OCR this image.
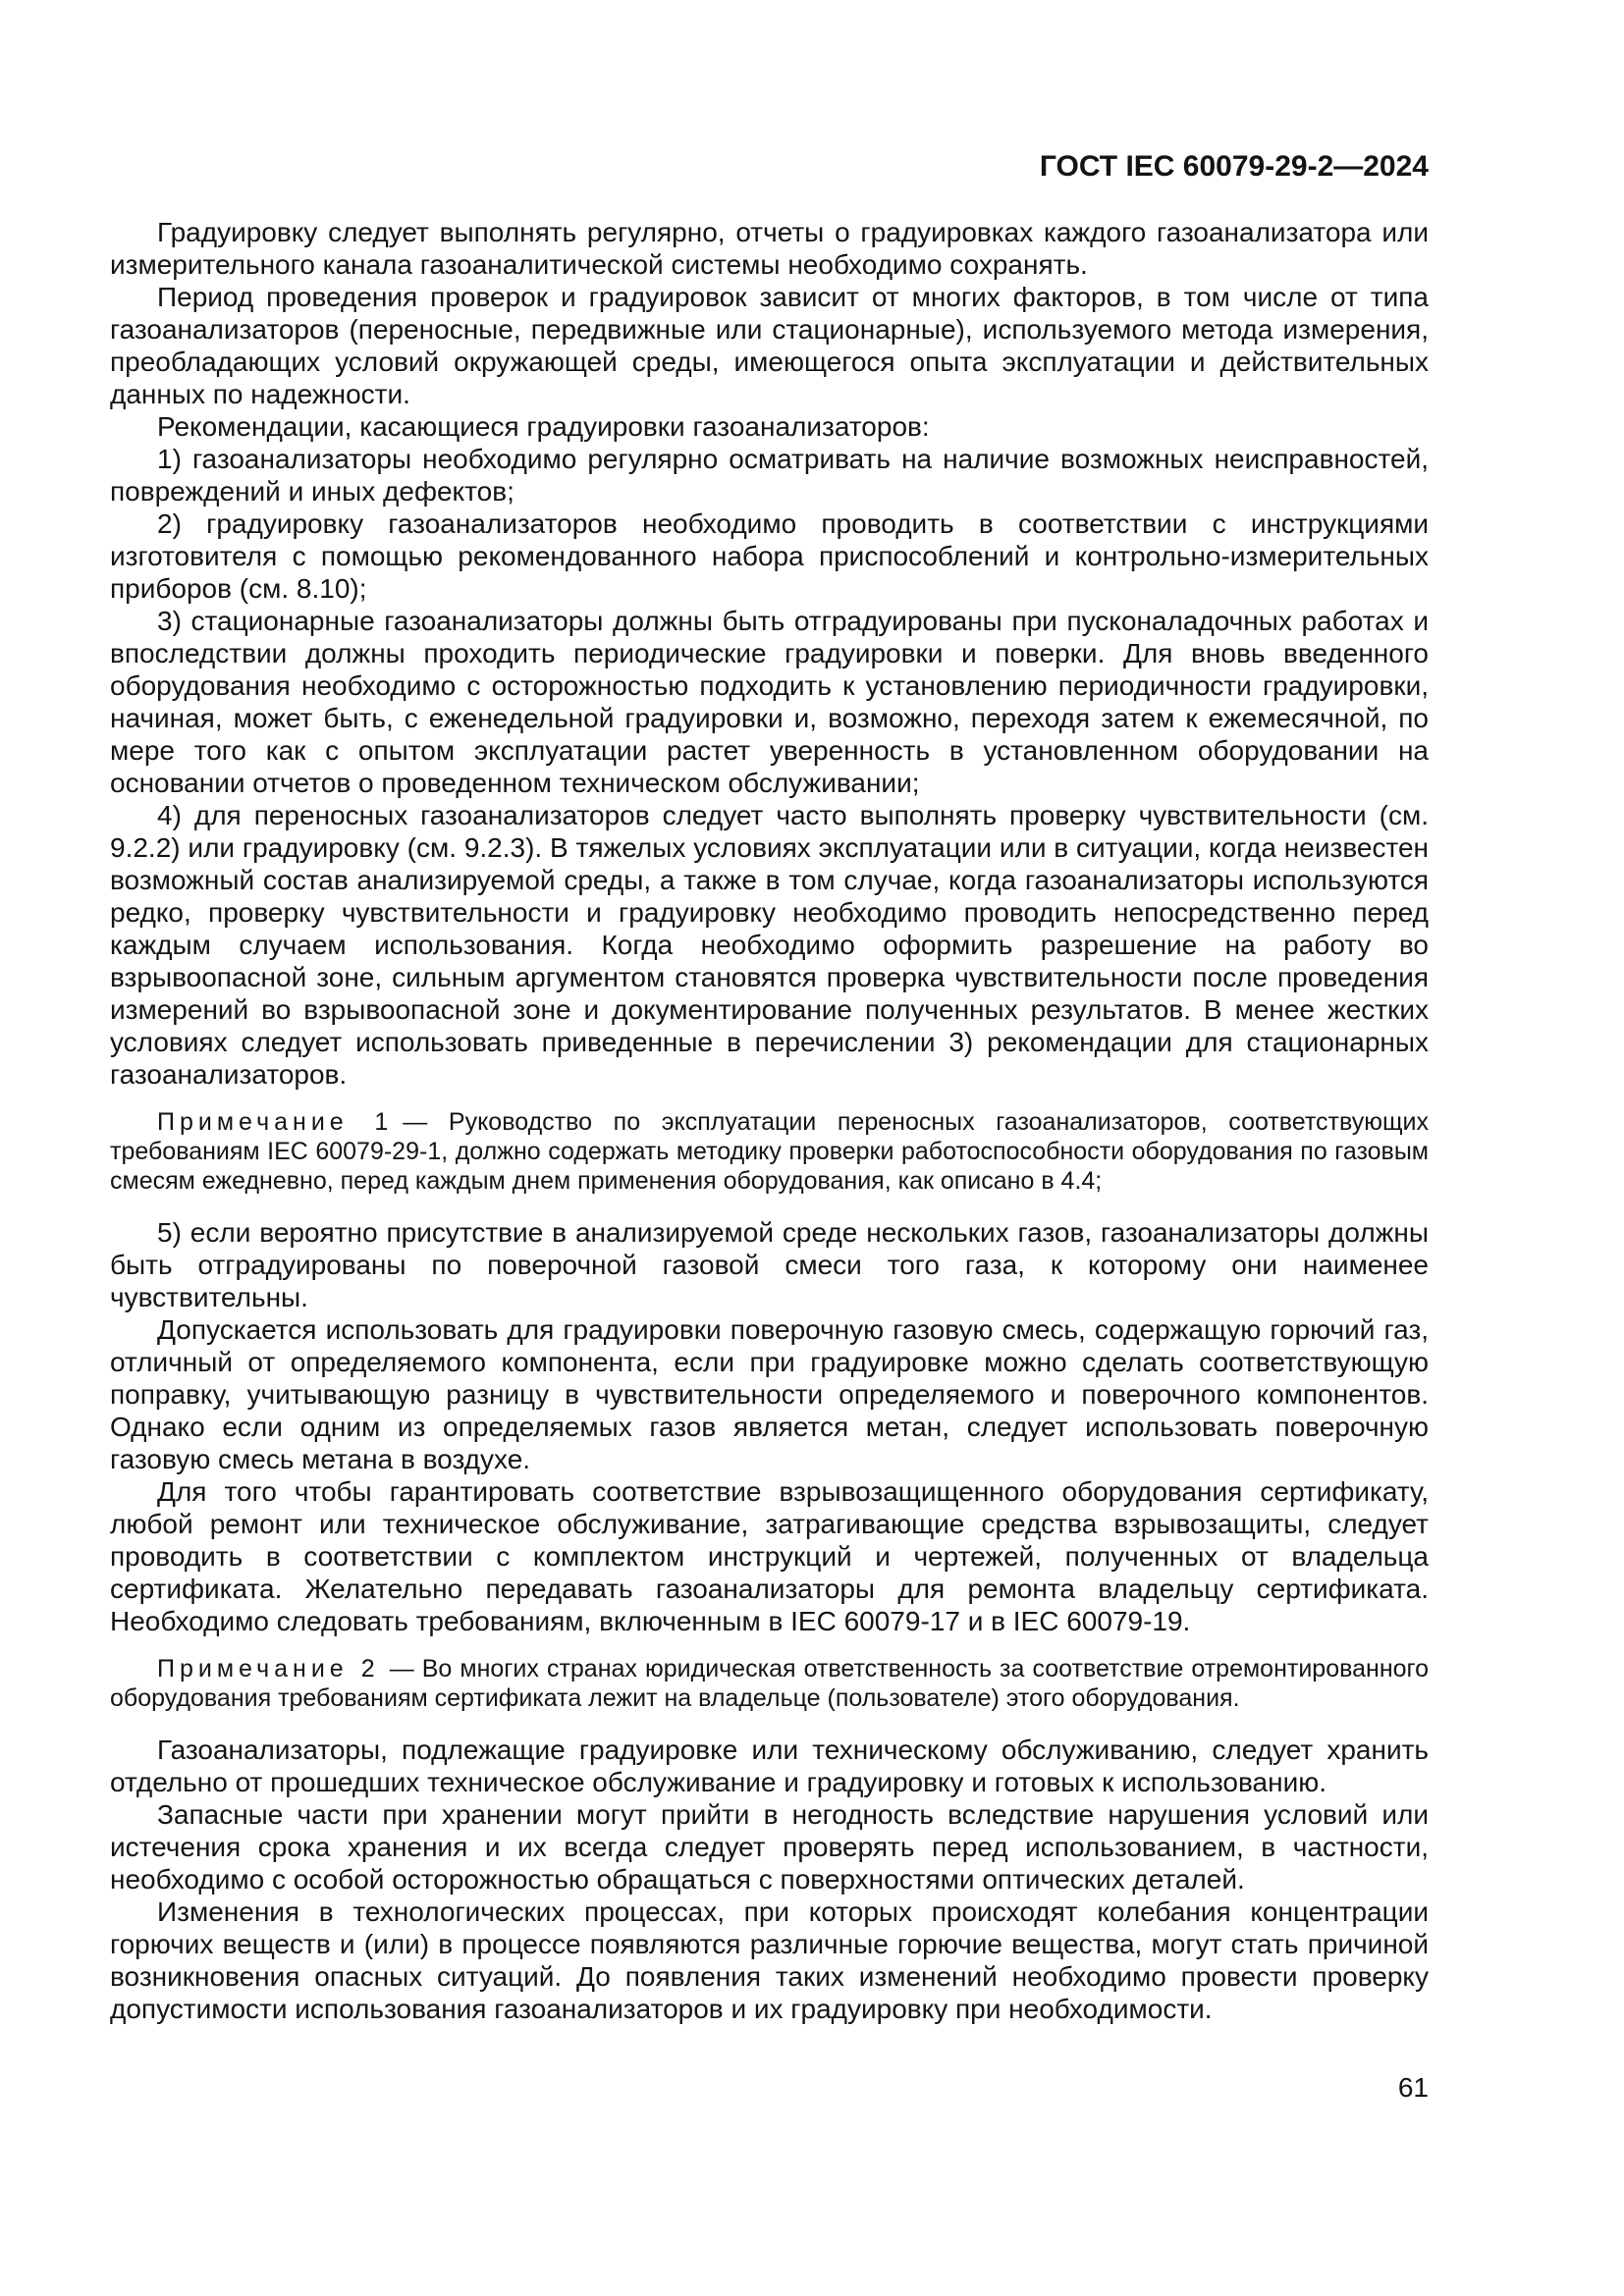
ГОСТ IEC 60079-29-2—2024

Градуировку следует выполнять регулярно, отчеты о градуировках каждого газоанализатора или измерительного канала газоаналитической системы необходимо сохранять.

Период проведения проверок и градуировок зависит от многих факторов, в том числе от типа газоанализаторов (переносные, передвижные или стационарные), используемого метода измерения, преобладающих условий окружающей среды, имеющегося опыта эксплуатации и действительных данных по надежности.

Рекомендации, касающиеся градуировки газоанализаторов:

1) газоанализаторы необходимо регулярно осматривать на наличие возможных неисправностей, повреждений и иных дефектов;

2) градуировку газоанализаторов необходимо проводить в соответствии с инструкциями изготовителя с помощью рекомендованного набора приспособлений и контрольно-измерительных приборов (см. 8.10);

3) стационарные газоанализаторы должны быть отградуированы при пусконаладочных работах и впоследствии должны проходить периодические градуировки и поверки. Для вновь введенного оборудования необходимо с осторожностью подходить к установлению периодичности градуировки, начиная, может быть, с еженедельной градуировки и, возможно, переходя затем к ежемесячной, по мере того как с опытом эксплуатации растет уверенность в установленном оборудовании на основании отчетов о проведенном техническом обслуживании;

4) для переносных газоанализаторов следует часто выполнять проверку чувствительности (см. 9.2.2) или градуировку (см. 9.2.3). В тяжелых условиях эксплуатации или в ситуации, когда неизвестен возможный состав анализируемой среды, а также в том случае, когда газоанализаторы используются редко, проверку чувствительности и градуировку необходимо проводить непосредственно перед каждым случаем использования. Когда необходимо оформить разрешение на работу во взрывоопасной зоне, сильным аргументом становятся проверка чувствительности после проведения измерений во взрывоопасной зоне и документирование полученных результатов. В менее жестких условиях следует использовать приведенные в перечислении 3) рекомендации для стационарных газоанализаторов.

Примечание 1 — Руководство по эксплуатации переносных газоанализаторов, соответствующих требованиям IEC 60079-29-1, должно содержать методику проверки работоспособности оборудования по газовым смесям ежедневно, перед каждым днем применения оборудования, как описано в 4.4;

5) если вероятно присутствие в анализируемой среде нескольких газов, газоанализаторы должны быть отградуированы по поверочной газовой смеси того газа, к которому они наименее чувствительны.

Допускается использовать для градуировки поверочную газовую смесь, содержащую горючий газ, отличный от определяемого компонента, если при градуировке можно сделать соответствующую поправку, учитывающую разницу в чувствительности определяемого и поверочного компонентов. Однако если одним из определяемых газов является метан, следует использовать поверочную газовую смесь метана в воздухе.

Для того чтобы гарантировать соответствие взрывозащищенного оборудования сертификату, любой ремонт или техническое обслуживание, затрагивающие средства взрывозащиты, следует проводить в соответствии с комплектом инструкций и чертежей, полученных от владельца сертификата. Желательно передавать газоанализаторы для ремонта владельцу сертификата. Необходимо следовать требованиям, включенным в IEC 60079-17 и в IEC 60079-19.

Примечание 2 — Во многих странах юридическая ответственность за соответствие отремонтированного оборудования требованиям сертификата лежит на владельце (пользователе) этого оборудования.

Газоанализаторы, подлежащие градуировке или техническому обслуживанию, следует хранить отдельно от прошедших техническое обслуживание и градуировку и готовых к использованию.

Запасные части при хранении могут прийти в негодность вследствие нарушения условий или истечения срока хранения и их всегда следует проверять перед использованием, в частности, необходимо с особой осторожностью обращаться с поверхностями оптических деталей.

Изменения в технологических процессах, при которых происходят колебания концентрации горючих веществ и (или) в процессе появляются различные горючие вещества, могут стать причиной возникновения опасных ситуаций. До появления таких изменений необходимо провести проверку допустимости использования газоанализаторов и их градуировку при необходимости.

61
